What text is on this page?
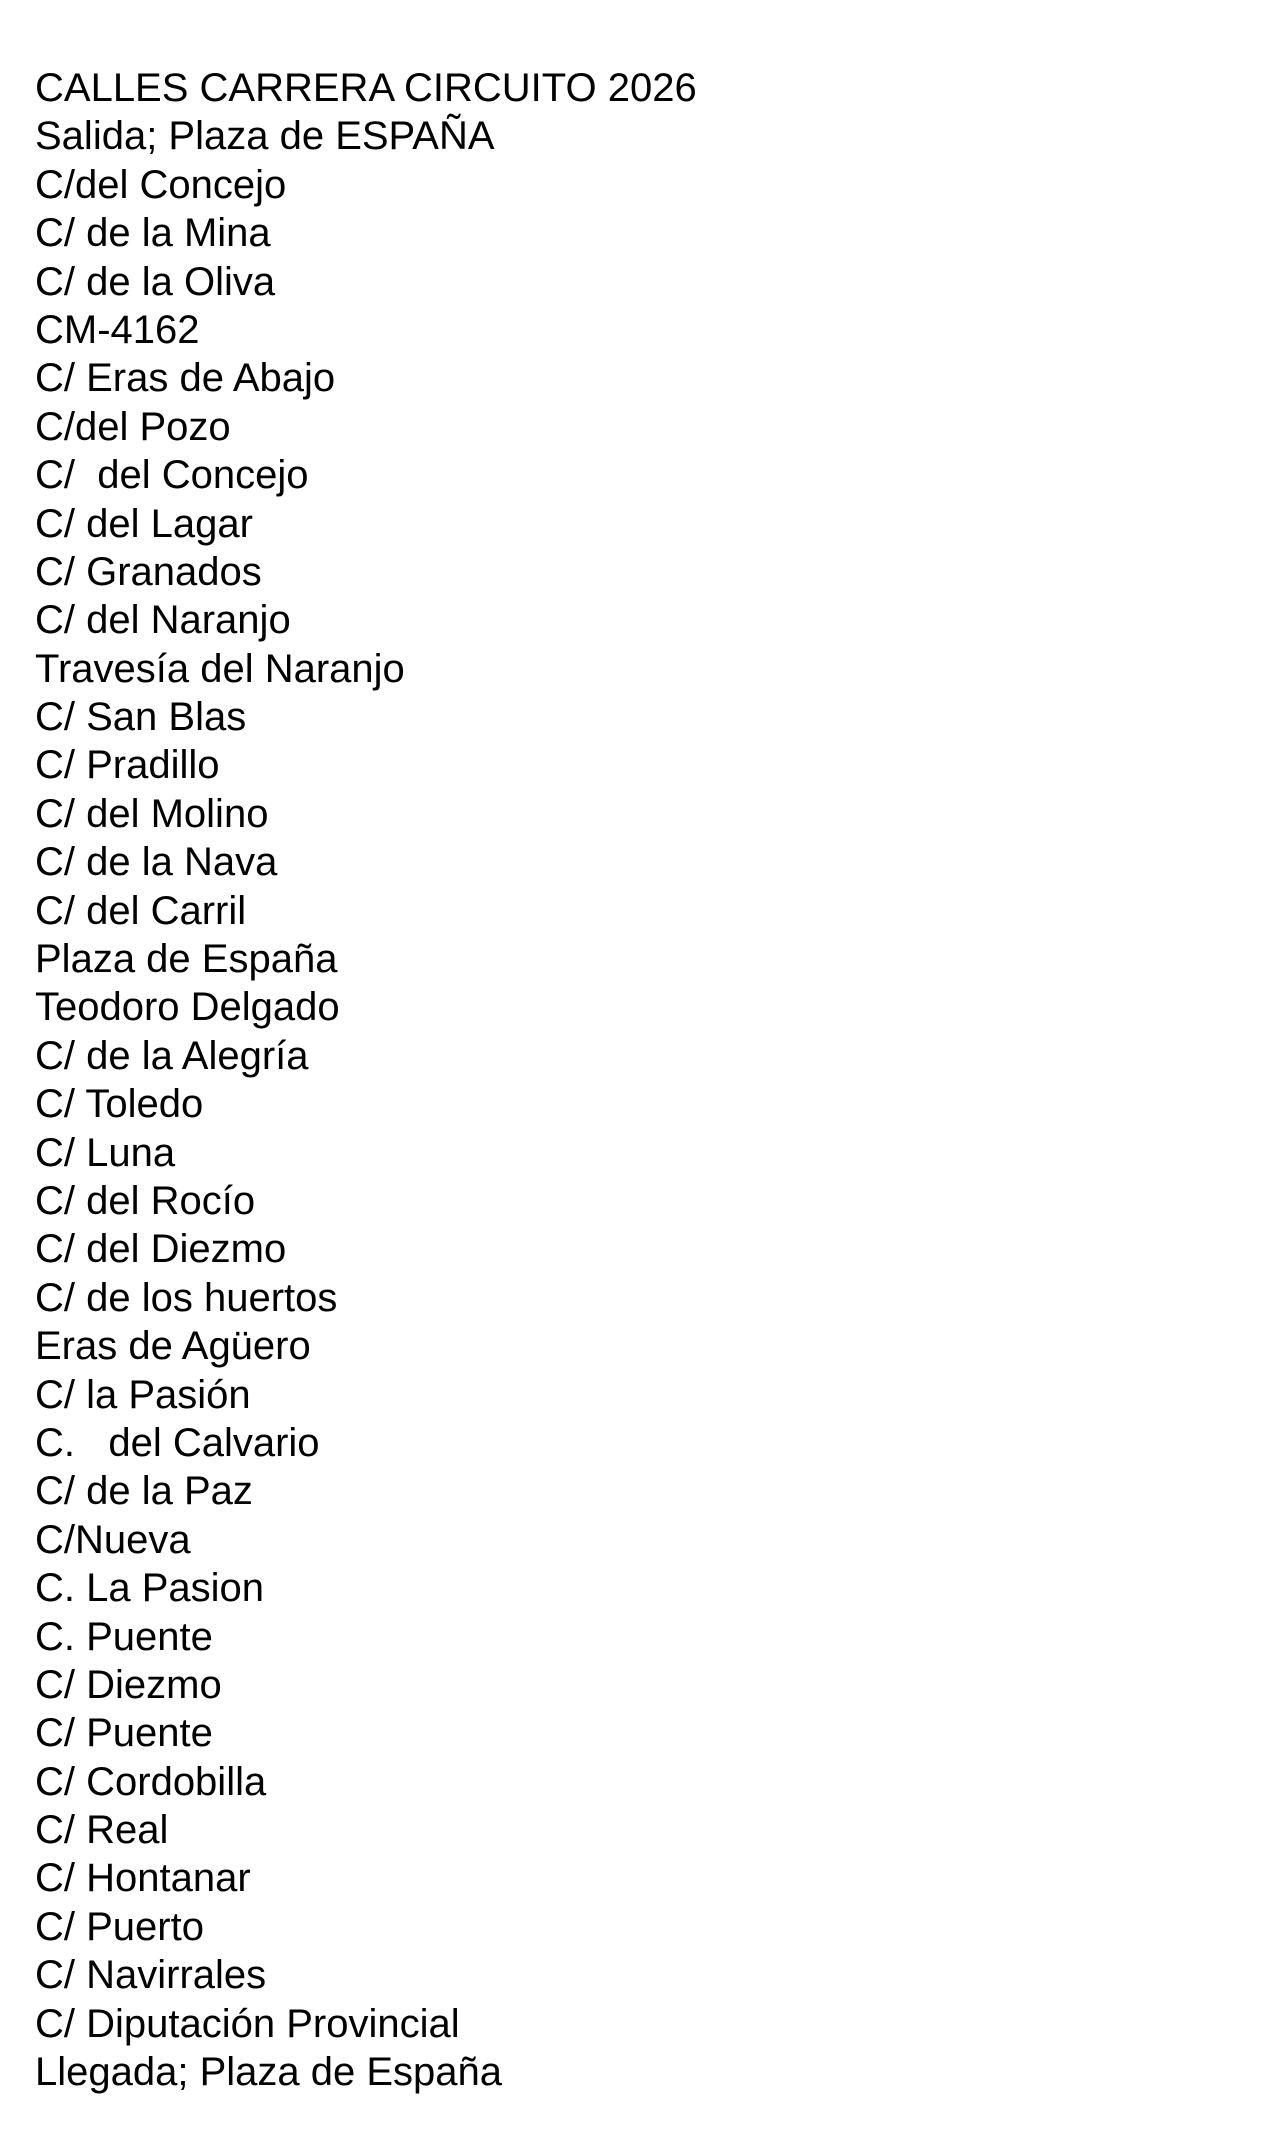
CALLES CARRERA CIRCUITO 2026
Salida; Plaza de ESPAÑA
C/del Concejo
C/ de la Mina
C/ de la Oliva
CM-4162
C/ Eras de Abajo
C/del Pozo
C/  del Concejo
C/ del Lagar
C/ Granados
C/ del Naranjo
Travesía del Naranjo
C/ San Blas
C/ Pradillo
C/ del Molino
C/ de la Nava
C/ del Carril
Plaza de España
Teodoro Delgado
C/ de la Alegría
C/ Toledo
C/ Luna
C/ del Rocío
C/ del Diezmo
C/ de los huertos
Eras de Agüero
C/ la Pasión
C.   del Calvario
C/ de la Paz
C/Nueva
C. La Pasion
C. Puente
C/ Diezmo
C/ Puente
C/ Cordobilla
C/ Real
C/ Hontanar
C/ Puerto
C/ Navirrales
C/ Diputación Provincial
Llegada; Plaza de España
